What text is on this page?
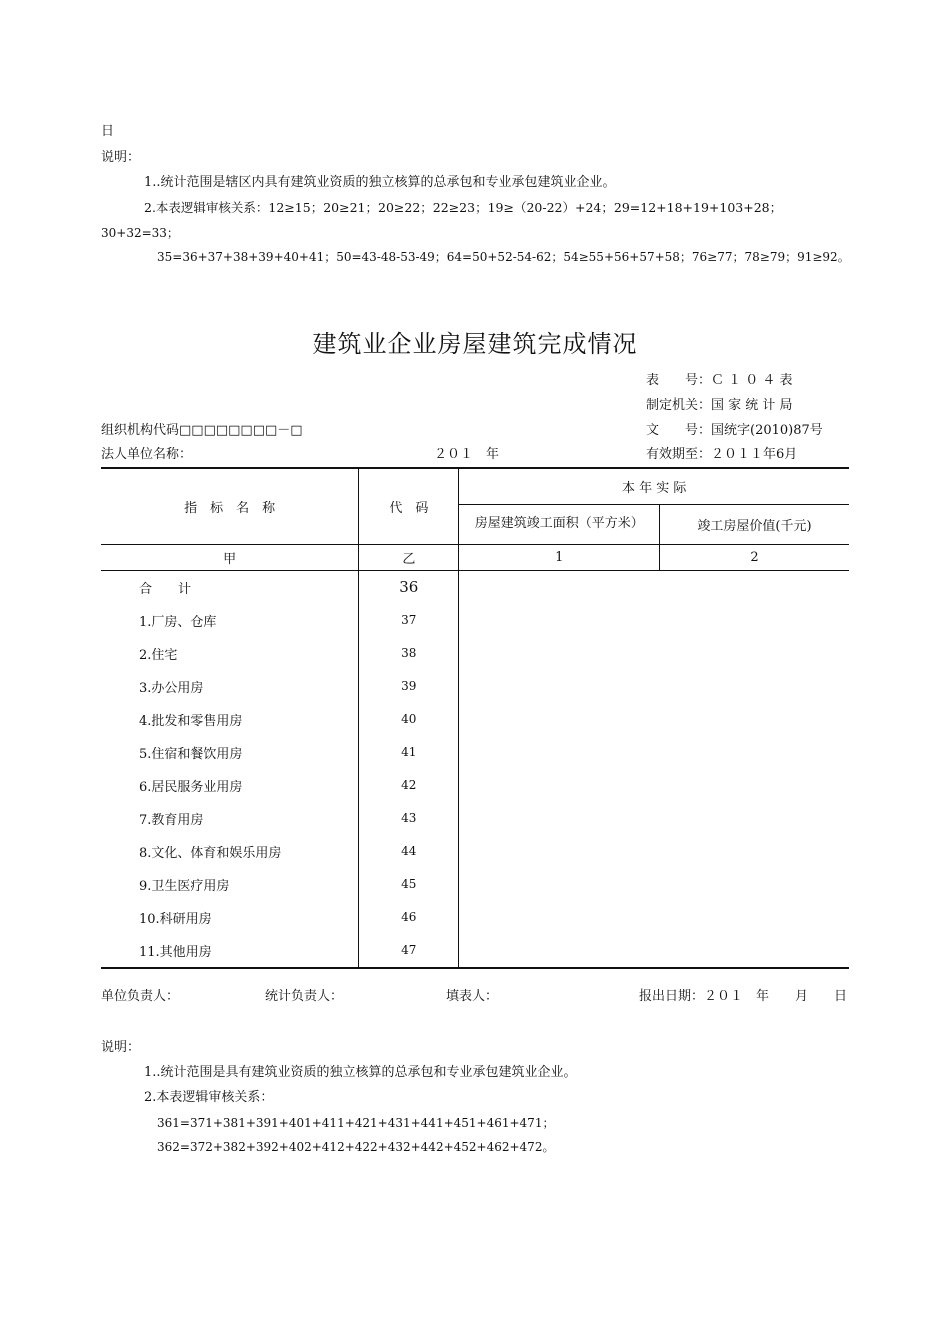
日
说明：
1..统计范围是辖区内具有建筑业资质的独立核算的总承包和专业承包建筑业企业。
2.本表逻辑审核关系：12≥15；20≥21；20≥22；22≥23；19≥（20-22）+24；29=12+18+19+103+28；
30+32=33；
35=36+37+38+39+40+41；50=43-48-53-49；64=50+52-54-62；54≥55+56+57+58；76≥77；78≥79；91≥92。
建筑业企业房屋建筑完成情况
表　　号：Ｃ １ ０ ４ 表
制定机关：国 家 统 计 局
组织机构代码□□□□□□□□－□	文　　号：国统字(2010)87号
法人单位名称：	２０１　年	有效期至：２０１１年6月
指　标　名　称	代　码	本 年 实 际	
		房屋建筑竣工面积（平方米）	竣工房屋价值(千元)
甲	乙	1	2
合　　计	36		
1.厂房、仓库	37		
2.住宅	38		
3.办公用房	39		
4.批发和零售用房	40		
5.住宿和餐饮用房	41		
6.居民服务业用房	42		
7.教育用房	43		
8.文化、体育和娱乐用房	44		
9.卫生医疗用房	45		
10.科研用房	46		
11.其他用房	47		
单位负责人：	统计负责人：	填表人：	报出日期：２０１　年　　月　　日
说明：
1..统计范围是具有建筑业资质的独立核算的总承包和专业承包建筑业企业。
2.本表逻辑审核关系：
361=371+381+391+401+411+421+431+441+451+461+471；
362=372+382+392+402+412+422+432+442+452+462+472。
